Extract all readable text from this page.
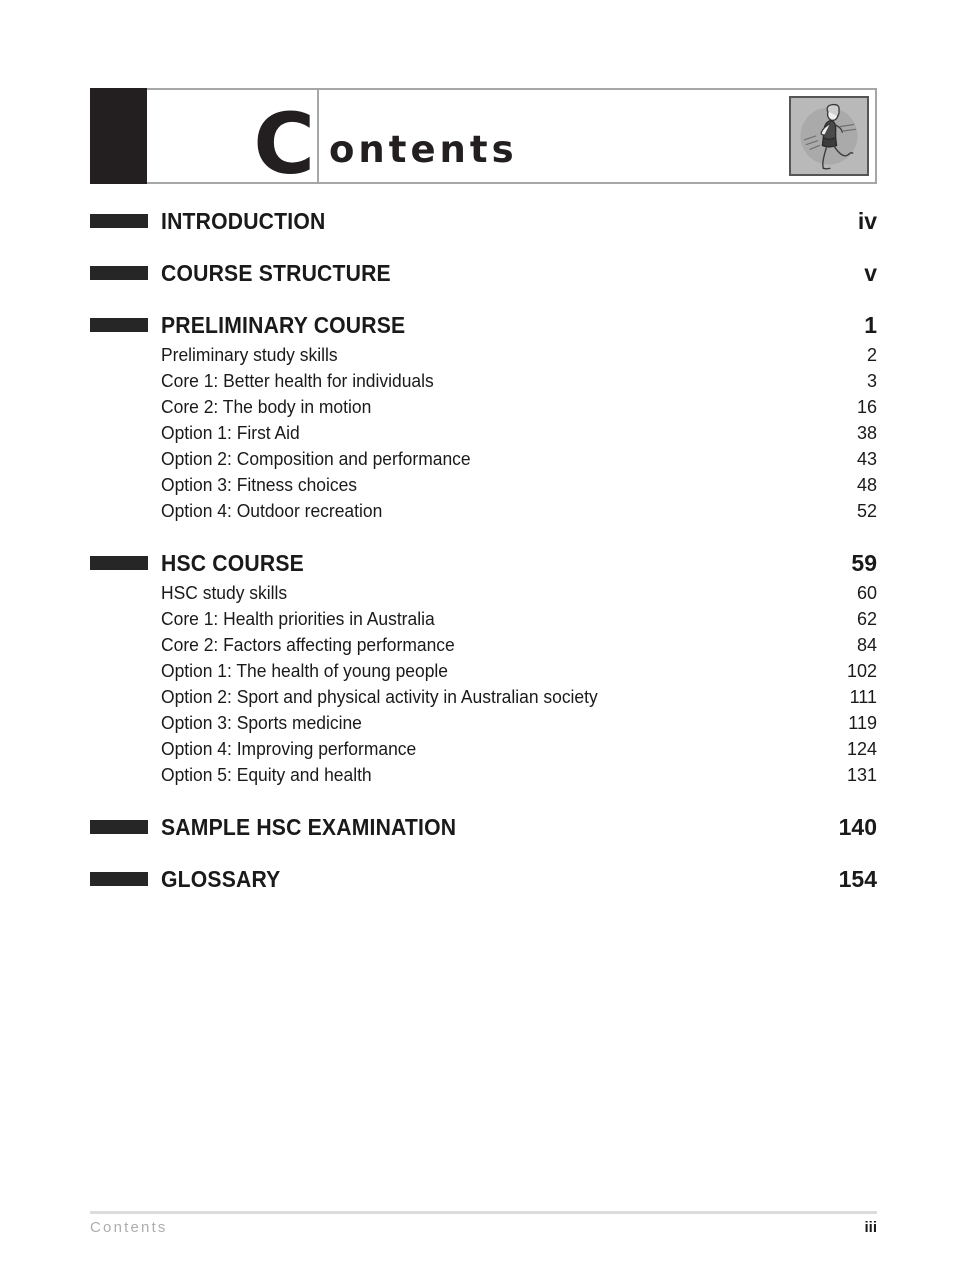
C ontents
INTRODUCTION	iv
COURSE STRUCTURE	v
PRELIMINARY COURSE	1
Preliminary study skills	2
Core 1: Better health for individuals	3
Core 2: The body in motion	16
Option 1: First Aid	38
Option 2: Composition and performance	43
Option 3: Fitness choices	48
Option 4: Outdoor recreation	52
HSC COURSE	59
HSC study skills	60
Core 1: Health priorities in Australia	62
Core 2: Factors affecting performance	84
Option 1: The health of young people	102
Option 2: Sport and physical activity in Australian society	111
Option 3: Sports medicine	119
Option 4: Improving performance	124
Option 5: Equity and health	131
SAMPLE HSC EXAMINATION	140
GLOSSARY	154
Contents	iii
